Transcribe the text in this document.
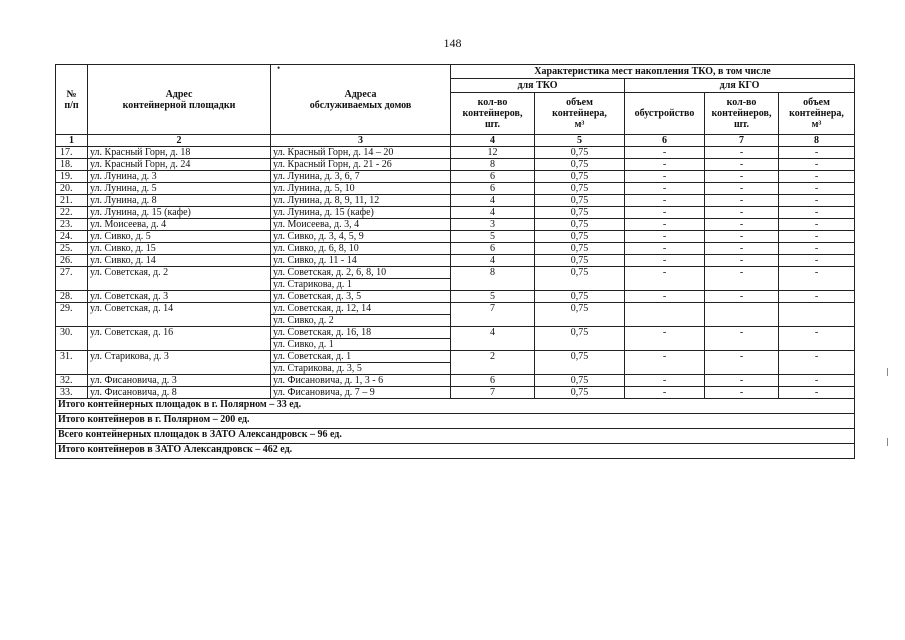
148
•
№
п/п	Адрес
контейнерной площадки	Адреса
обслуживаемых домов	Характеристика мест накопления ТКО, в том числе				
			для ТКО		для КГО		
			кол-во
контейнеров,
шт.	объем
контейнера,
м³	обустройство	кол-во
контейнеров,
шт.	объем
контейнера,
м³
1	2	3	4	5	6	7	8
17.	ул. Красный Горн, д. 18	ул. Красный Горн, д. 14 – 20	12	0,75	-	-	-
18.	ул. Красный Горн, д. 24	ул. Красный Горн, д. 21 - 26	8	0,75	-	-	-
19.	ул. Лунина, д. 3	ул. Лунина, д. 3, 6, 7	6	0,75	-	-	-
20.	ул. Лунина, д. 5	ул. Лунина, д. 5, 10	6	0,75	-	-	-
21.	ул. Лунина, д. 8	ул. Лунина, д. 8, 9, 11, 12	4	0,75	-	-	-
22.	ул. Лунина, д. 15 (кафе)	ул. Лунина, д. 15 (кафе)	4	0,75	-	-	-
23.	ул. Моисеева, д. 4	ул. Моисеева, д. 3, 4	3	0,75	-	-	-
24.	ул. Сивко, д. 5	ул. Сивко, д. 3, 4, 5, 9	5	0,75	-	-	-
25.	ул. Сивко, д. 15	ул. Сивко, д. 6, 8, 10	6	0,75	-	-	-
26.	ул. Сивко, д. 14	ул. Сивко, д. 11 - 14	4	0,75	-	-	-
27.	ул. Советская, д. 2	ул. Советская, д. 2, 6, 8, 10	8	0,75	-	-	-
		ул. Старикова, д. 1					
28.	ул. Советская, д. 3	ул. Советская, д. 3, 5	5	0,75	-	-	-
29.	ул. Советская, д. 14	ул. Советская, д. 12, 14	7	0,75			
		ул. Сивко, д. 2					
30.	ул. Советская, д. 16	ул. Советская, д. 16, 18	4	0,75	-	-	-
		ул. Сивко, д. 1					
31.	ул. Старикова, д. 3	ул. Советская, д. 1	2	0,75	-	-	-
		ул. Старикова, д. 3, 5					
32.	ул. Фисановича, д. 3	ул. Фисановича, д. 1, 3 - 6	6	0,75	-	-	-
33.	ул. Фисановича, д. 8	ул. Фисановича, д. 7 – 9	7	0,75	-	-	-
Итого контейнерных площадок в г. Полярном – 33 ед.							
Итого контейнеров в г. Полярном – 200 ед.							
Всего контейнерных площадок в ЗАТО Александровск – 96 ед.							
Итого контейнеров в ЗАТО Александровск – 462 ед.							
